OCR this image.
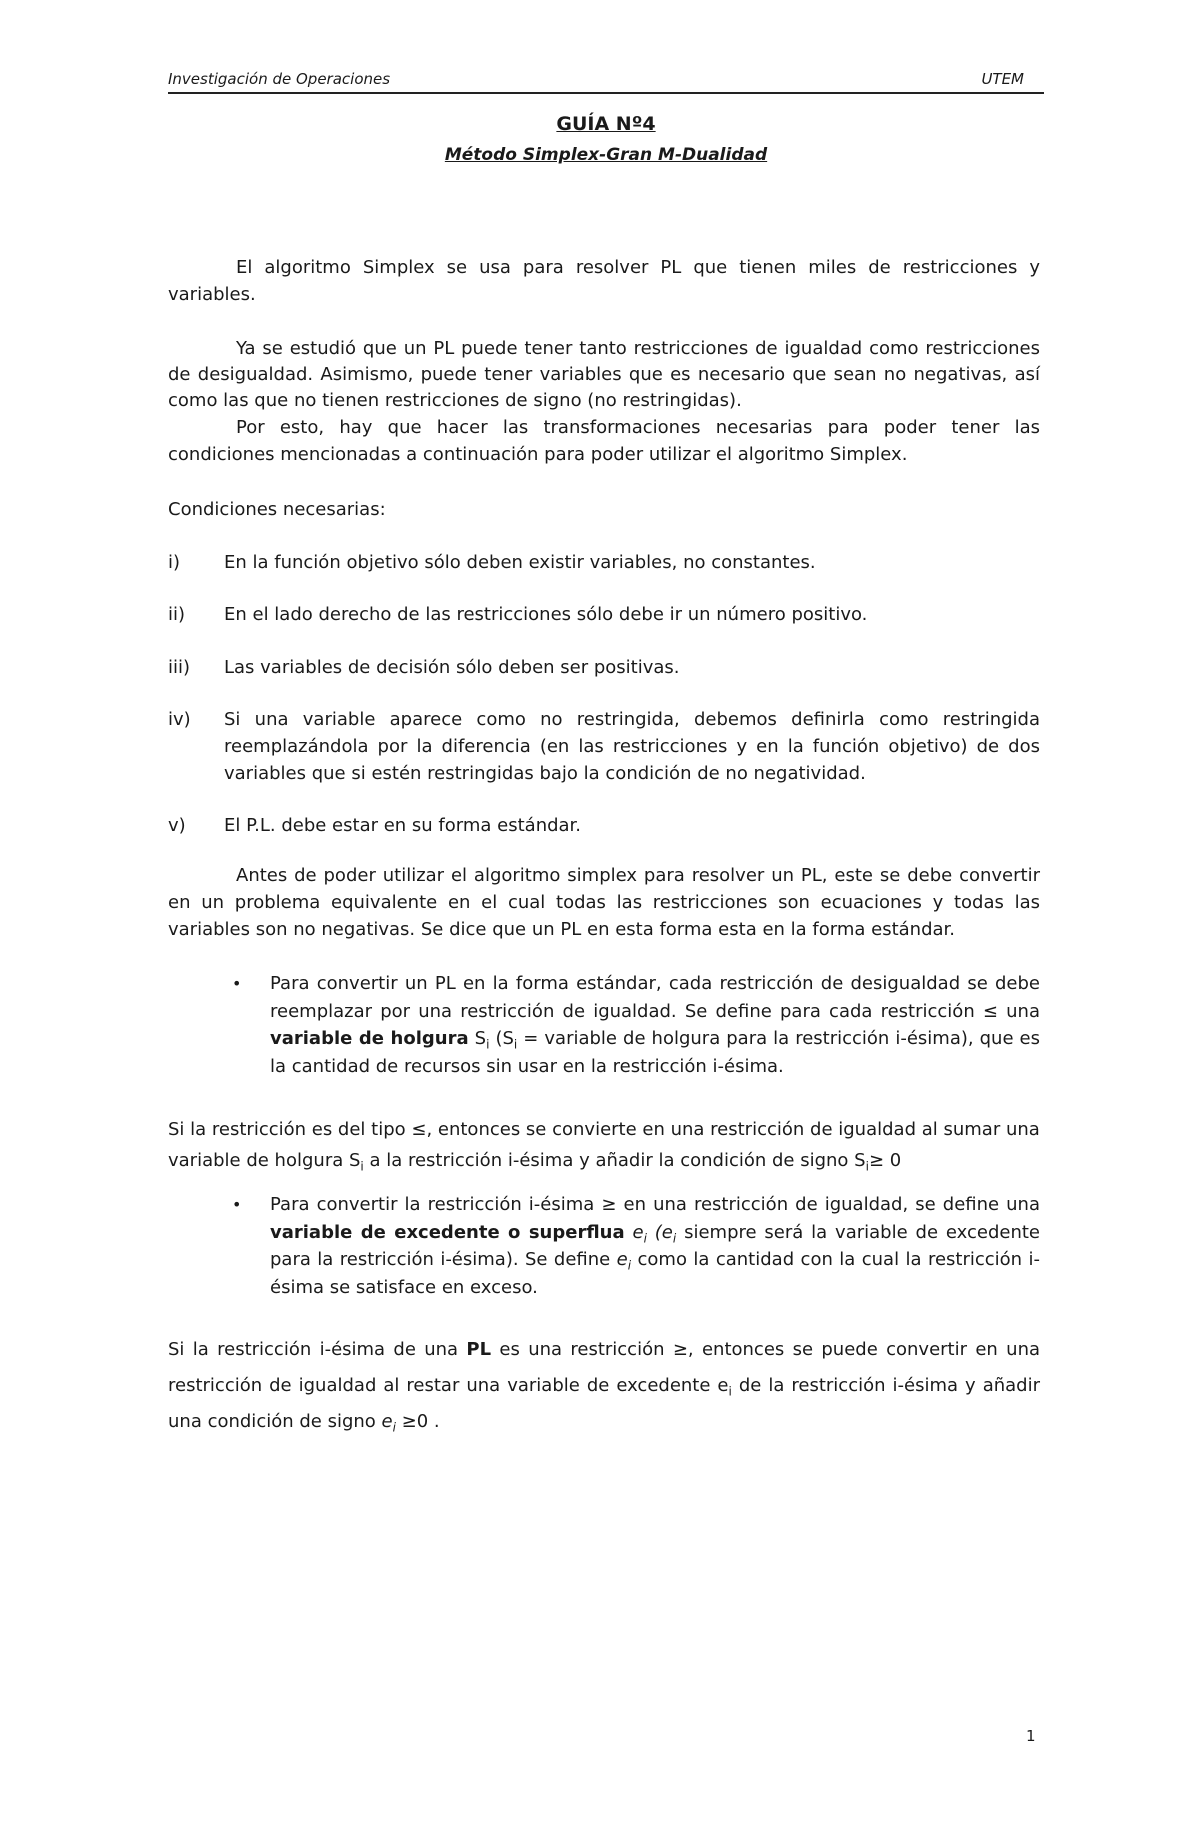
Investigación de Operaciones	UTEM
GUÍA Nº4
Método Simplex-Gran M-Dualidad

El algoritmo Simplex se usa para resolver PL que tienen miles de restricciones y variables.

Ya se estudió que un PL puede tener tanto restricciones de igualdad como restricciones de desigualdad. Asimismo, puede tener variables que es necesario que sean no negativas, así como las que no tienen restricciones de signo (no restringidas).

Por esto, hay que hacer las transformaciones necesarias para poder tener las condiciones mencionadas a continuación para poder utilizar el algoritmo Simplex.

Condiciones necesarias:
i) En la función objetivo sólo deben existir variables, no constantes.
ii) En el lado derecho de las restricciones sólo debe ir un número positivo.
iii) Las variables de decisión sólo deben ser positivas.
iv) Si una variable aparece como no restringida, debemos definirla como restringida reemplazándola por la diferencia (en las restricciones y en la función objetivo) de dos variables que si estén restringidas bajo la condición de no negatividad.
v) El P.L. debe estar en su forma estándar.

Antes de poder utilizar el algoritmo simplex para resolver un PL, este se debe convertir en un problema equivalente en el cual todas las restricciones son ecuaciones y todas las variables son no negativas. Se dice que un PL en esta forma esta en la forma estándar.

• Para convertir un PL en la forma estándar, cada restricción de desigualdad se debe reemplazar por una restricción de igualdad. Se define para cada restricción ≤ una variable de holgura $S_i$ ($S_i$ = variable de holgura para la restricción i-ésima), que es la cantidad de recursos sin usar en la restricción i-ésima.
Si la restricción es del tipo ≤, entonces se convierte en una restricción de igualdad al sumar una variable de holgura $S_i$ a la restricción i-ésima y añadir la condición de signo $S_i\ge 0$
• Para convertir la restricción i-ésima ≥ en una restricción de igualdad, se define una variable de excedente o superflua $e_i$ ($e_i$ siempre será la variable de excedente para la restricción i-ésima). Se define $e_i$ como la cantidad con la cual la restricción i-ésima se satisface en exceso.
Si la restricción i-ésima de una PL es una restricción ≥, entonces se puede convertir en una restricción de igualdad al restar una variable de excedente $e_i$ de la restricción i-ésima y añadir una condición de signo $e_i \ge 0$ .
1
